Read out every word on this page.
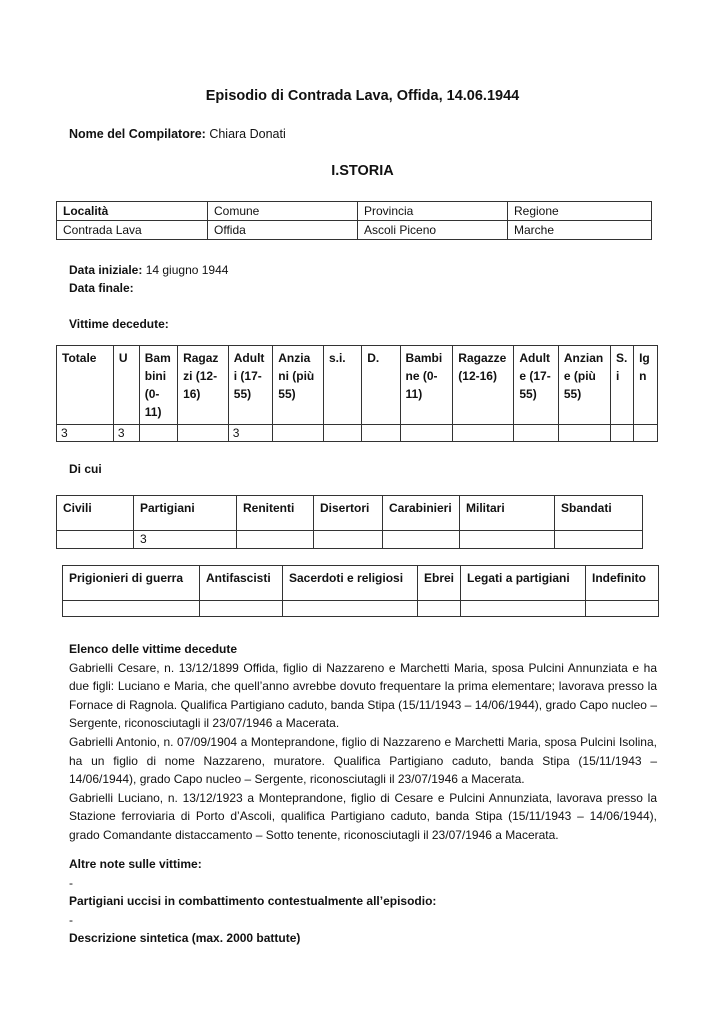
Episodio di Contrada Lava, Offida, 14.06.1944
Nome del Compilatore: Chiara Donati
I.STORIA
Località	Comune	Provincia	Regione
Contrada Lava	Offida	Ascoli Piceno	Marche
Data iniziale: 14 giugno 1944
Data finale:
Vittime decedute:
Totale	U	Bam bini (0- 11)	Ragaz zi (12- 16)	Adult i (17- 55)	Anzia ni (più 55)	s.i.	D.	Bambi ne (0- 11)	Ragazze (12-16)	Adult e (17- 55)	Anzian e (più 55)	S. i	Ig n
3	3			3									
Di cui
Civili	Partigiani	Renitenti	Disertori	Carabinieri	Militari	Sbandati
	3					
Prigionieri di guerra	Antifascisti	Sacerdoti e religiosi	Ebrei	Legati a partigiani	Indefinito

Elenco delle vittime decedute
Gabrielli Cesare, n. 13/12/1899 Offida, figlio di Nazzareno e Marchetti Maria, sposa Pulcini Annunziata e ha due figli: Luciano e Maria, che quell’anno avrebbe dovuto frequentare la prima elementare; lavorava presso la Fornace di Ragnola. Qualifica Partigiano caduto, banda Stipa (15/11/1943 – 14/06/1944), grado Capo nucleo – Sergente, riconosciutagli il 23/07/1946 a Macerata.
Gabrielli Antonio, n. 07/09/1904 a Monteprandone, figlio di Nazzareno e Marchetti Maria, sposa Pulcini Isolina, ha un figlio di nome Nazzareno, muratore. Qualifica Partigiano caduto, banda Stipa (15/11/1943 – 14/06/1944), grado Capo nucleo – Sergente, riconosciutagli il 23/07/1946 a Macerata.
Gabrielli Luciano, n. 13/12/1923 a Monteprandone, figlio di Cesare e Pulcini Annunziata, lavorava presso la Stazione ferroviaria di Porto d’Ascoli, qualifica Partigiano caduto, banda Stipa (15/11/1943 – 14/06/1944), grado Comandante distaccamento – Sotto tenente, riconosciutagli il 23/07/1946 a Macerata.
Altre note sulle vittime:
-
Partigiani uccisi in combattimento contestualmente all’episodio:
-
Descrizione sintetica (max. 2000 battute)
